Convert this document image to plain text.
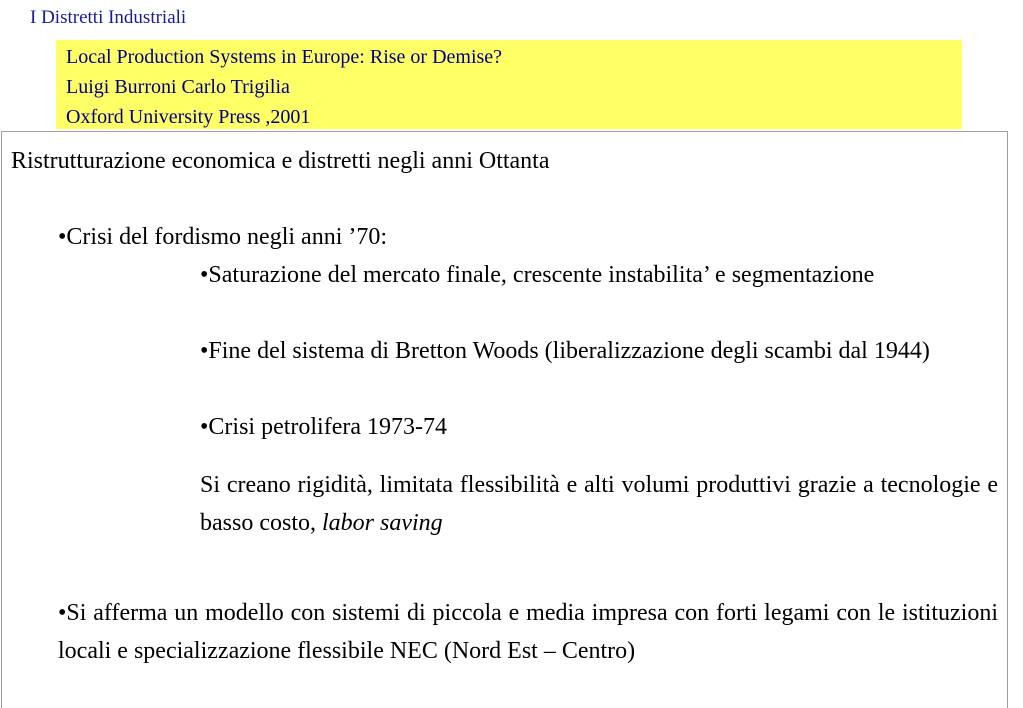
I Distretti Industriali
Local Production Systems in Europe: Rise or Demise?
Luigi Burroni Carlo Trigilia
Oxford University Press ,2001
Ristrutturazione economica e distretti negli anni Ottanta
•Crisi del fordismo negli anni ’70:
•Saturazione del mercato finale, crescente instabilita’ e segmentazione
•Fine del sistema di Bretton Woods (liberalizzazione degli scambi dal 1944)
•Crisi petrolifera 1973-74
Si creano rigidità, limitata flessibilità e alti volumi produttivi grazie a tecnologie e basso costo, labor saving
•Si afferma un modello con sistemi di piccola e media impresa con forti legami con le istituzioni locali e specializzazione flessibile NEC (Nord Est – Centro)
